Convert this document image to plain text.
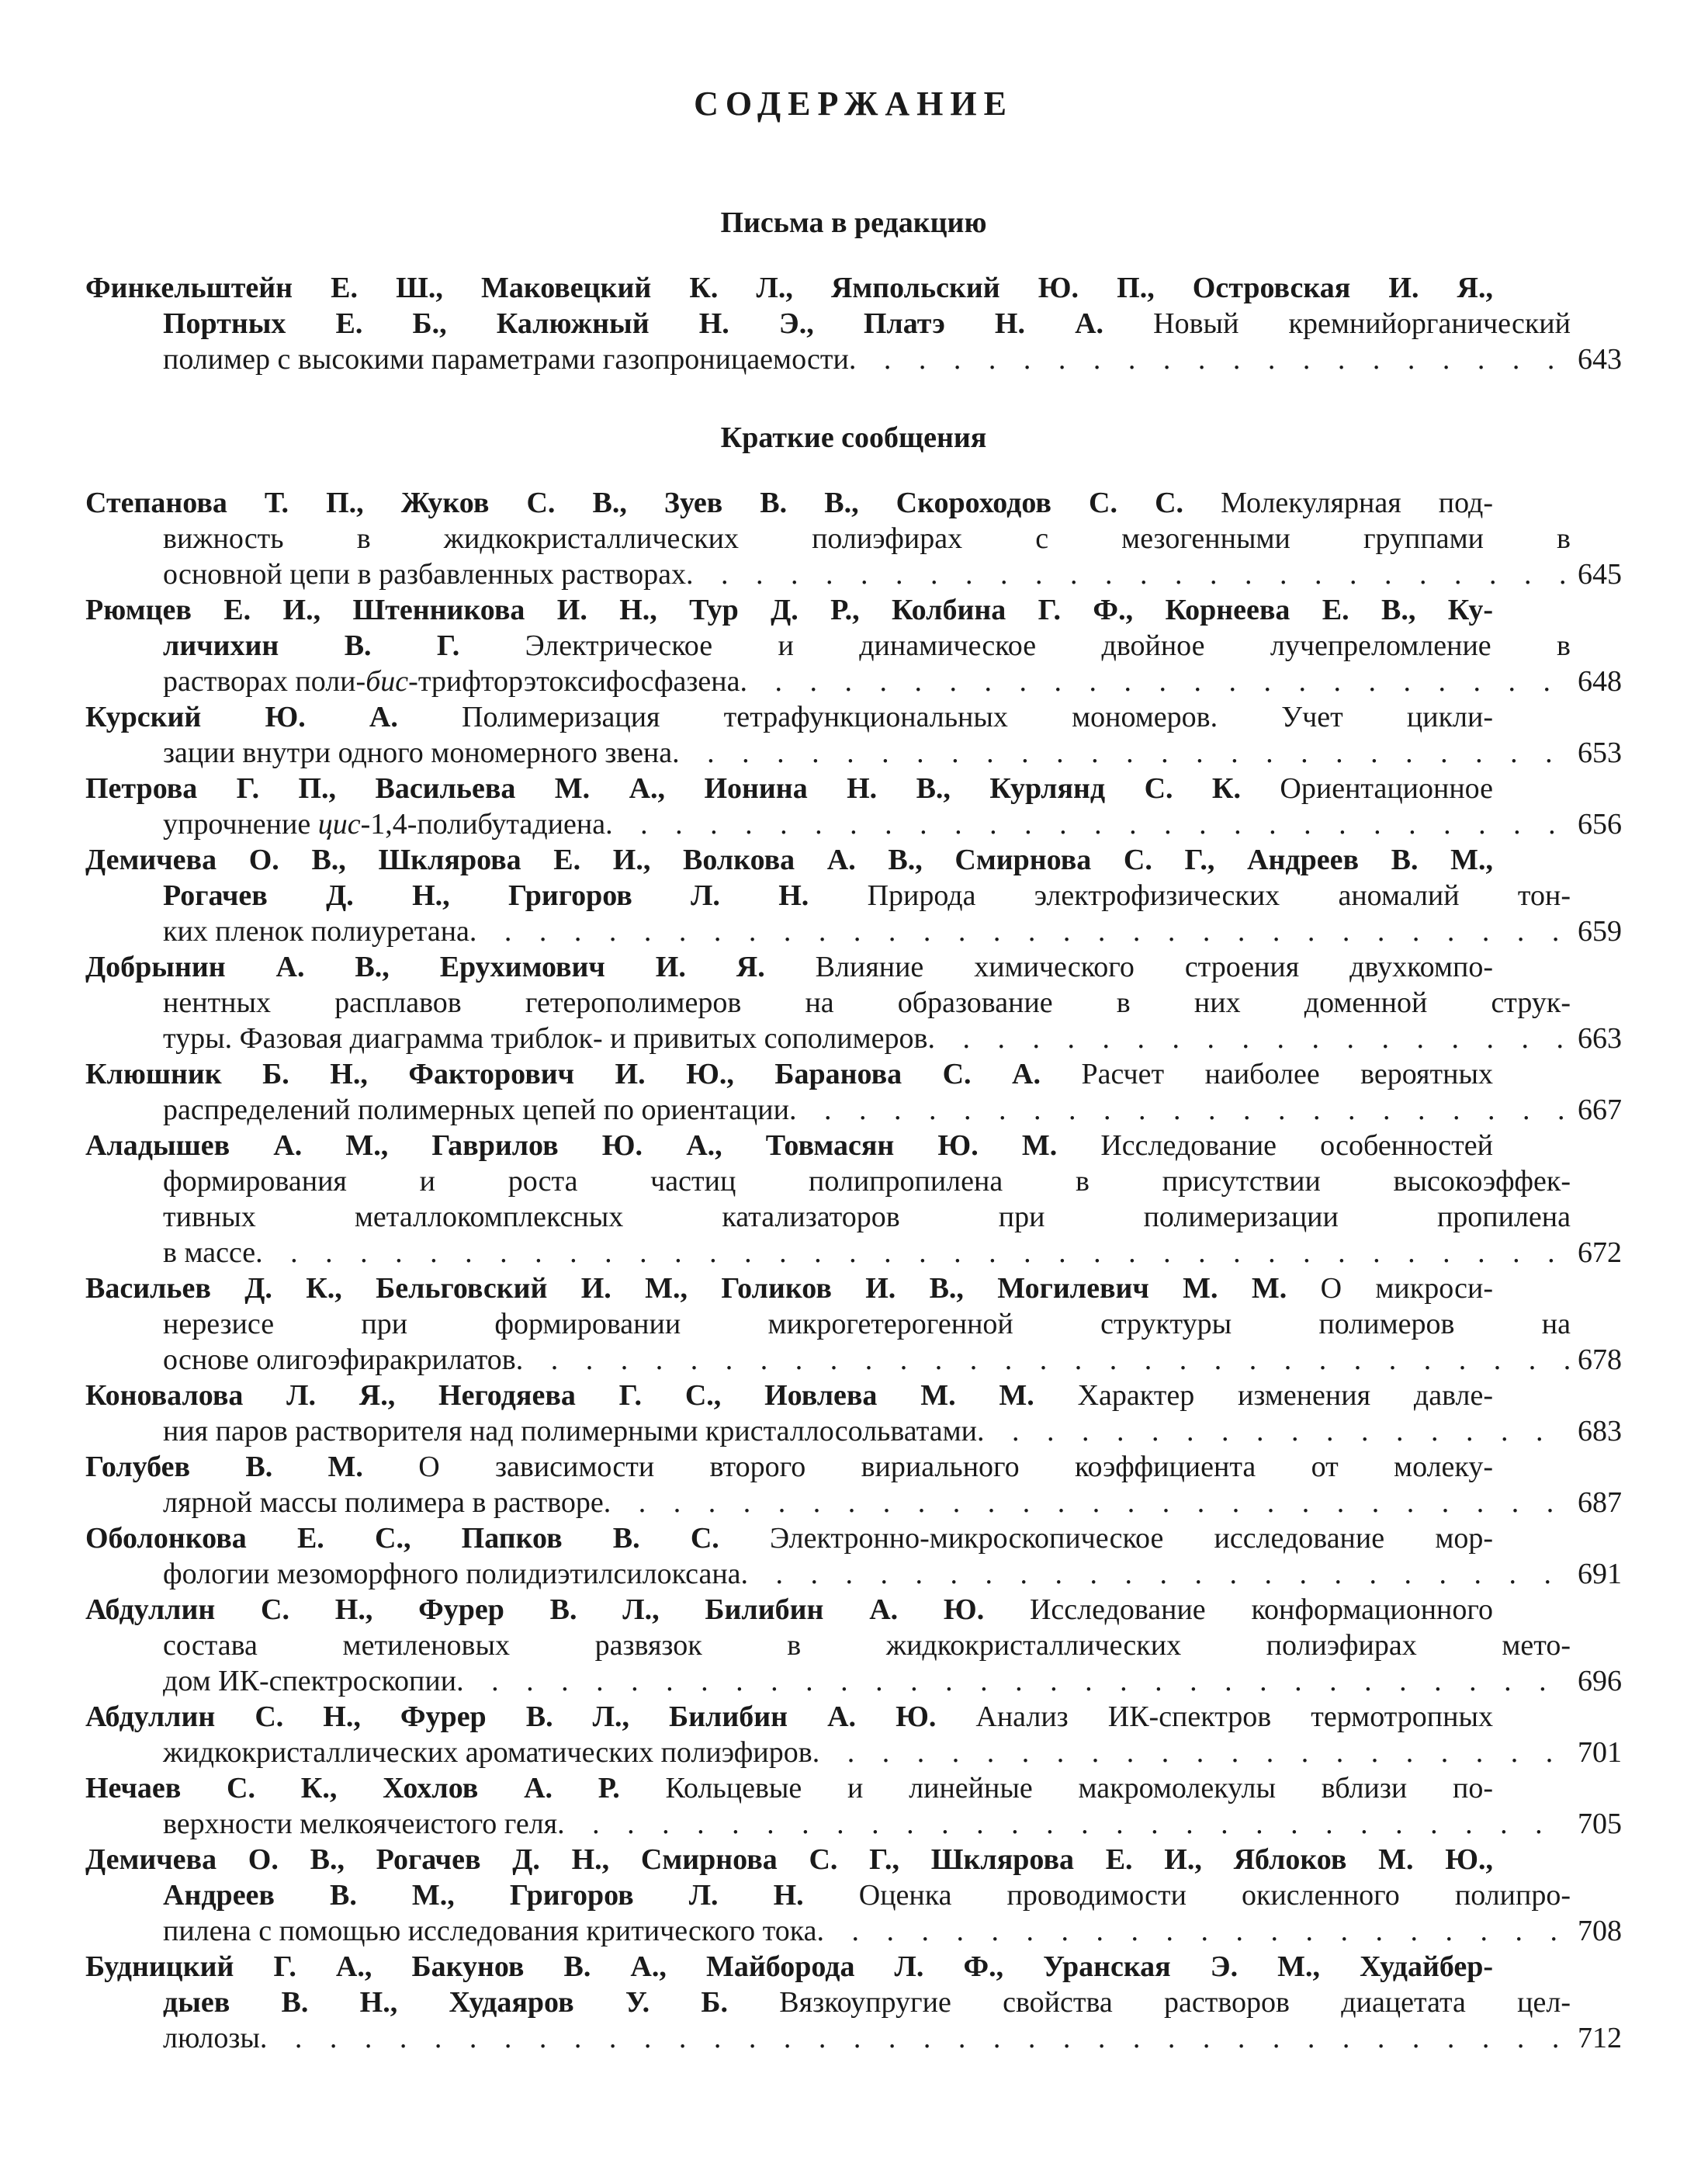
СОДЕРЖАНИЕ
Письма в редакцию
Финкельштейн Е. Ш., Маковецкий К. Л., Ямпольский Ю. П., Островская И. Я.,
Портных Е. Б., Калюжный Н. Э., Платэ Н. А. Новый кремнийорганический
полимер с высокими параметрами газопроницаемости . . .	643
Краткие сообщения
Степанова Т. П., Жуков С. В., Зуев В. В., Скороходов С. С. Молекулярная под-
вижность в жидкокристаллических полиэфирах с мезогенными группами в
основной цепи в разбавленных растворах . . .	645
Рюмцев Е. И., Штенникова И. Н., Тур Д. Р., Колбина Г. Ф., Корнеева Е. В., Ку-
личихин В. Г. Электрическое и динамическое двойное лучепреломление в
растворах поли-бис-трифторэтоксифосфазена . . .	648
Курский Ю. А. Полимеризация тетрафункциональных мономеров. Учет цикли-
зации внутри одного мономерного звена . . .	653
Петрова Г. П., Васильева М. А., Ионина Н. В., Курлянд С. К. Ориентационное
упрочнение цис-1,4-полибутадиена . . .	656
Демичева О. В., Шклярова Е. И., Волкова А. В., Смирнова С. Г., Андреев В. М.,
Рогачев Д. Н., Григоров Л. Н. Природа электрофизических аномалий тон-
ких пленок полиуретана . . .	659
Добрынин А. В., Ерухимович И. Я. Влияние химического строения двухкомпо-
нентных расплавов гетерополимеров на образование в них доменной струк-
туры. Фазовая диаграмма триблок- и привитых сополимеров . . .	663
Клюшник Б. Н., Факторович И. Ю., Баранова С. А. Расчет наиболее вероятных
распределений полимерных цепей по ориентации . . .	667
Аладышев А. М., Гаврилов Ю. А., Товмасян Ю. М. Исследование особенностей
формирования и роста частиц полипропилена в присутствии высокоэффек-
тивных металлокомплексных катализаторов при полимеризации пропилена
в массе . . .	672
Васильев Д. К., Бельговский И. М., Голиков И. В., Могилевич М. М. О микроси-
нерезисе при формировании микрогетерогенной структуры полимеров на
основе олигоэфиракрилатов . . .	678
Коновалова Л. Я., Негодяева Г. С., Иовлева М. М. Характер изменения давле-
ния паров растворителя над полимерными кристаллосольватами . . .	683
Голубев В. М. О зависимости второго вириального коэффициента от молеку-
лярной массы полимера в растворе . . .	687
Оболонкова Е. С., Папков В. С. Электронно-микроскопическое исследование мор-
фологии мезоморфного полидиэтилсилоксана . . .	691
Абдуллин С. Н., Фурер В. Л., Билибин А. Ю. Исследование конформационного
состава метиленовых развязок в жидкокристаллических полиэфирах мето-
дом ИК-спектроскопии . . .	696
Абдуллин С. Н., Фурер В. Л., Билибин А. Ю. Анализ ИК-спектров термотропных
жидкокристаллических ароматических полиэфиров . . .	701
Нечаев С. К., Хохлов А. Р. Кольцевые и линейные макромолекулы вблизи по-
верхности мелкоячеистого геля . . .	705
Демичева О. В., Рогачев Д. Н., Смирнова С. Г., Шклярова Е. И., Яблоков М. Ю.,
Андреев В. М., Григоров Л. Н. Оценка проводимости окисленного полипро-
пилена с помощью исследования критического тока . . .	708
Будницкий Г. А., Бакунов В. А., Майборода Л. Ф., Уранская Э. М., Худайбер-
дыев В. Н., Худаяров У. Б. Вязкоупругие свойства растворов диацетата цел-
люлозы . . .	712
